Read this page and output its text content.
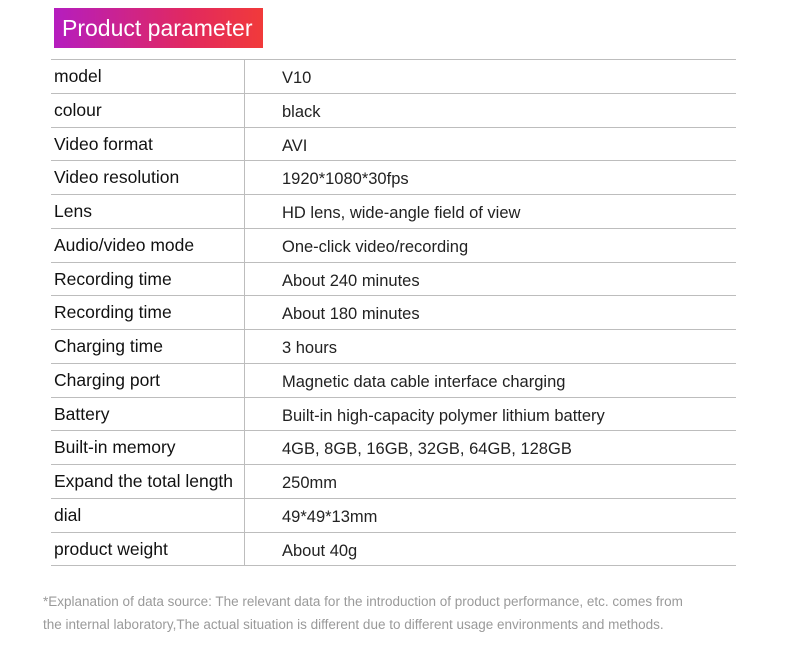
Product parameter
model	V10
colour	black
Video format	AVI
Video resolution	1920*1080*30fps
Lens	HD lens, wide-angle field of view
Audio/video mode	One-click video/recording
Recording time	About 240 minutes
Recording time	About 180 minutes
Charging time	3 hours
Charging port	Magnetic data cable interface charging
Battery	Built-in high-capacity polymer lithium battery
Built-in memory	4GB, 8GB, 16GB, 32GB, 64GB, 128GB
Expand the total length	250mm
dial	49*49*13mm
product weight	About 40g
*Explanation of data source: The relevant data for the introduction of product performance, etc. comes from
the internal laboratory,The actual situation is different due to different usage environments and methods.
